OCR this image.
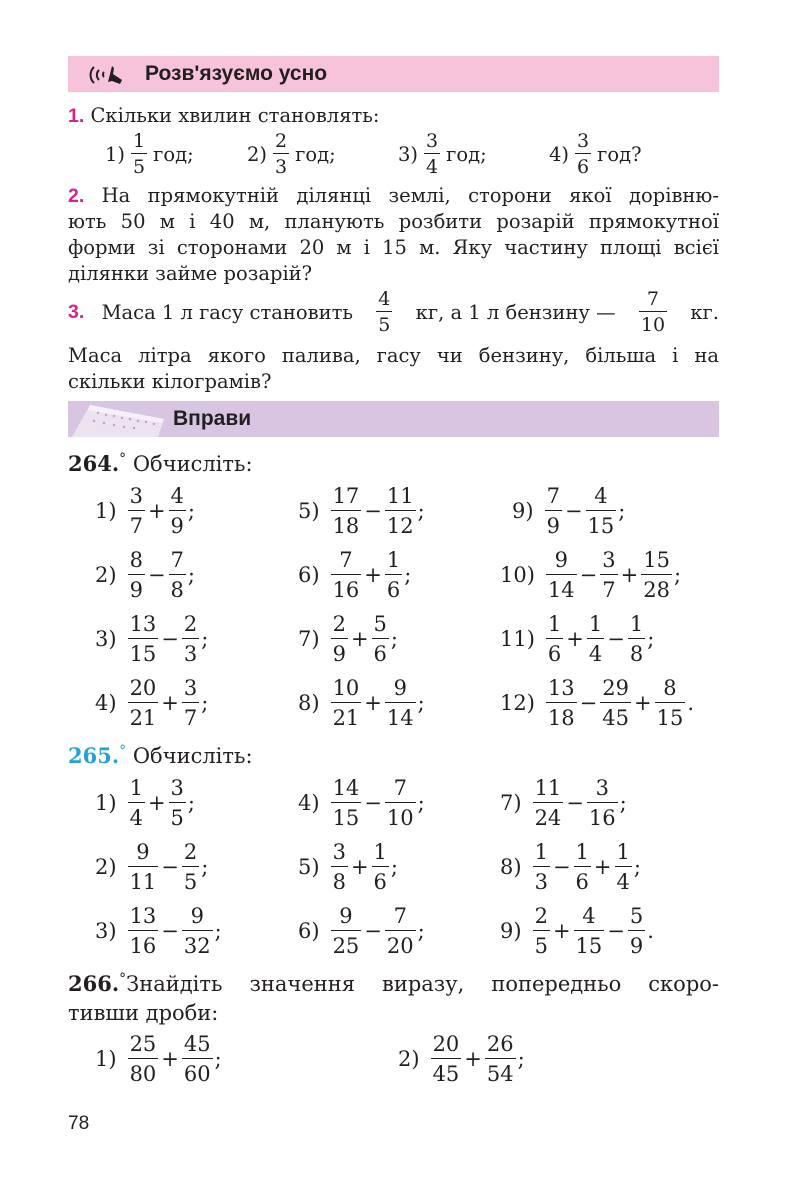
Розв'язуємо усно
1. Скільки хвилин становлять:
1)
1
5
год;	2)
2
3
год;	3)
3
4
год;	4)
3
6
год?
2. На прямокутній ділянці землі, сторони якої дорівню-
ють 50 м і 40 м, планують розбити розарій прямокутної
форми зі сторонами 20 м і 15 м. Яку частину площі всієї
ділянки займе розарій?
3. Маса 1 л гасу становить
4
5
кг, а 1 л бензину —
7
10
кг.
Маса літра якого палива, гасу чи бензину, більша і на
скільки кілограмів?
Вправи
264.° Обчисліть:
$1) \frac{3}{7} + \frac{4}{9}$ ;
$2) \frac{8}{9} - \frac{7}{8}$ ;
$3) \frac{13}{15} - \frac{2}{3}$ ;
$4) \frac{20}{21} + \frac{3}{7}$ ;
$5) \frac{17}{18} - \frac{11}{12}$ ;
$6) \frac{7}{16} + \frac{1}{6}$ ;
$7) \frac{2}{9} + \frac{5}{6}$ ;
$8) \frac{10}{21} + \frac{9}{14}$ ;
$9) \frac{7}{9} - \frac{4}{15}$ ;
$10) \frac{9}{14} - \frac{3}{7} + \frac{15}{28}$ ;
$11) \frac{1}{6} + \frac{1}{4} - \frac{1}{8}$ ;
$12) \frac{13}{18} - \frac{29}{45} + \frac{8}{15}$ .
265.° Обчисліть:
$1) \frac{1}{4} + \frac{3}{5}$ ;
$2) \frac{9}{11} - \frac{2}{5}$ ;
$3) \frac{13}{16} - \frac{9}{32}$ ;
$4) \frac{14}{15} - \frac{7}{10}$ ;
$5) \frac{3}{8} + \frac{1}{6}$ ;
$6) \frac{9}{25} - \frac{7}{20}$ ;
$7) \frac{11}{24} - \frac{3}{16}$ ;
$8) \frac{1}{3} - \frac{1}{6} + \frac{1}{4}$ ;
$9) \frac{2}{5} + \frac{4}{15} - \frac{5}{9}$ .
266.°Знайдіть значення виразу, попередньо скоро-
тивши дроби:
$1) \frac{25}{80} + \frac{45}{60}$ ;	$2) \frac{20}{45} + \frac{26}{54}$ ;
78
